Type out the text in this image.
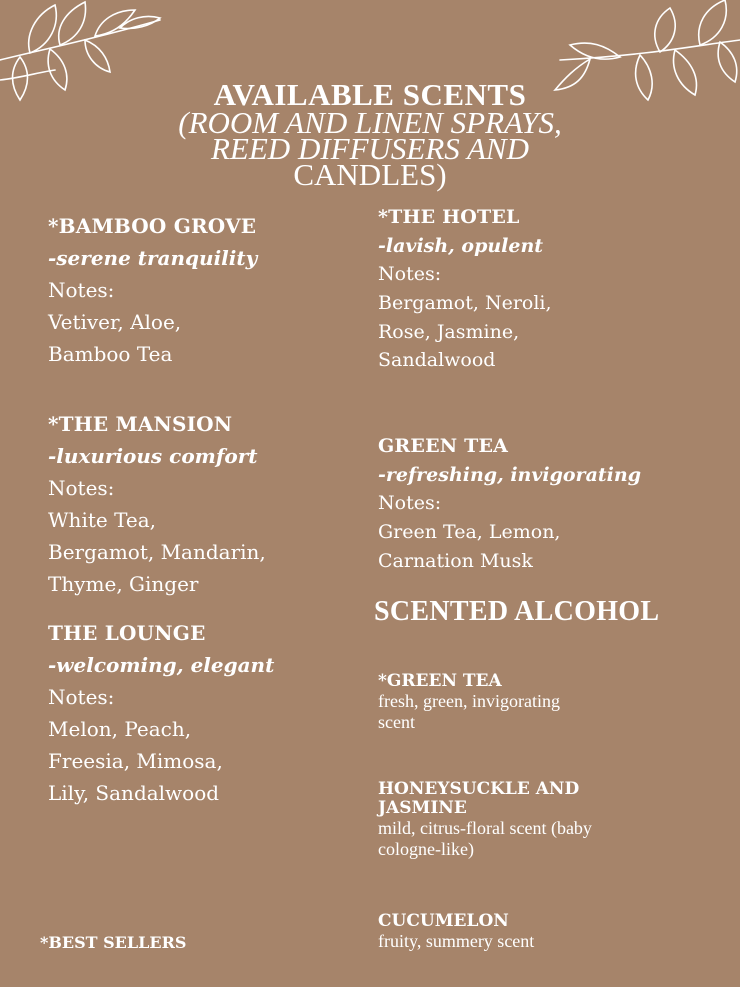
AVAILABLE SCENTS
(ROOM AND LINEN SPRAYS,
REED DIFFUSERS AND
CANDLES)
*BAMBOO GROVE
-serene tranquility
Notes:
Vetiver, Aloe,
Bamboo Tea
*THE MANSION
-luxurious comfort
Notes:
White Tea,
Bergamot, Mandarin,
Thyme, Ginger
THE LOUNGE
-welcoming, elegant
Notes:
Melon, Peach,
Freesia, Mimosa,
Lily, Sandalwood
*THE HOTEL
-lavish, opulent
Notes:
Bergamot, Neroli,
Rose, Jasmine,
Sandalwood
GREEN TEA
-refreshing, invigorating
Notes:
Green Tea, Lemon,
Carnation Musk
SCENTED ALCOHOL
*GREEN TEA
fresh, green, invigorating
scent
HONEYSUCKLE AND
JASMINE
mild, citrus-floral scent (baby
cologne-like)
CUCUMELON
fruity, summery scent
*BEST SELLERS
